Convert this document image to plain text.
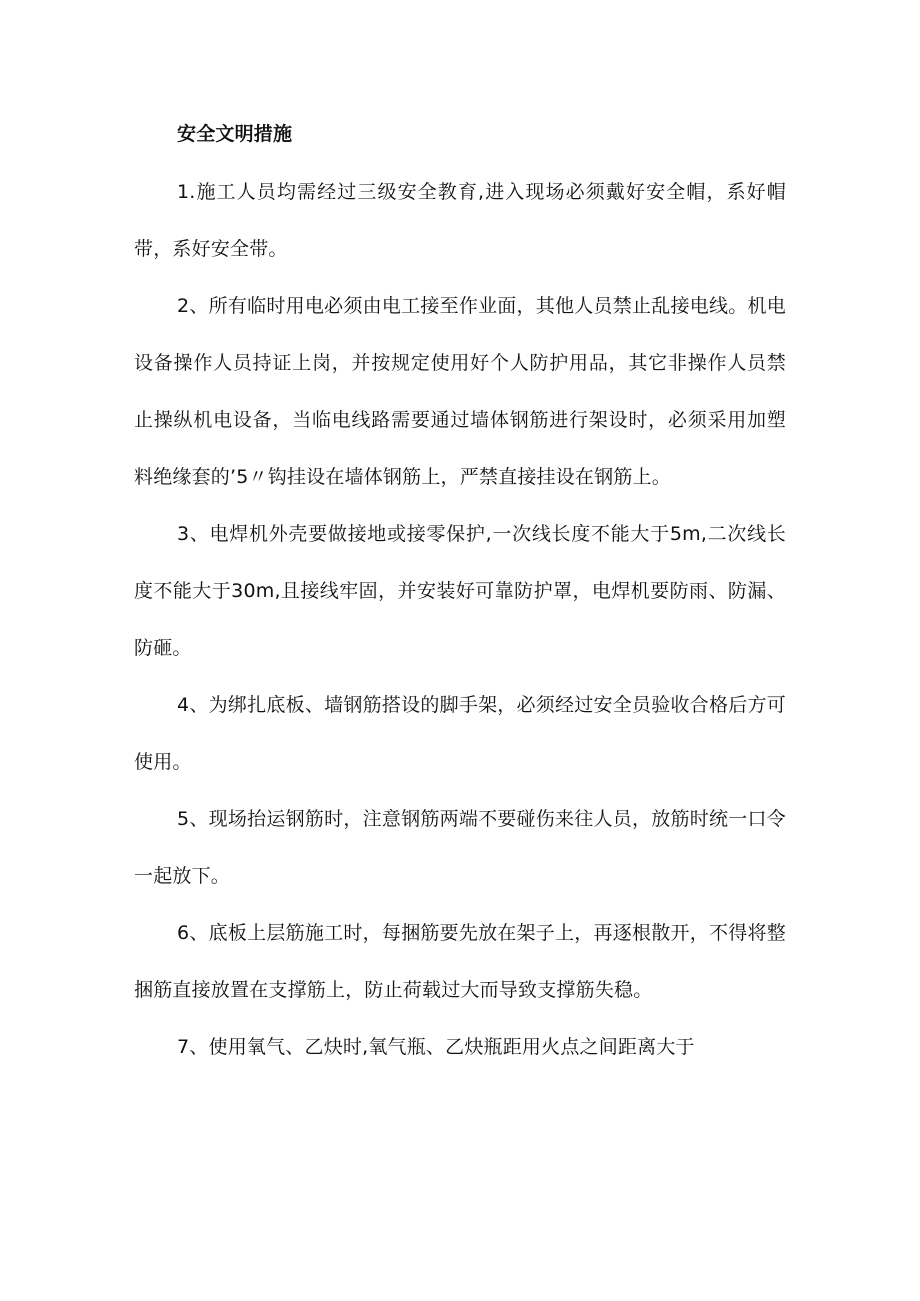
安全文明措施

1.施工人员均需经过三级安全教育,进入现场必须戴好安全帽，系好帽带，系好安全带。

2、所有临时用电必须由电工接至作业面，其他人员禁止乱接电线。机电设备操作人员持证上岗，并按规定使用好个人防护用品，其它非操作人员禁止操纵机电设备，当临电线路需要通过墙体钢筋进行架设时，必须采用加塑料绝缘套的’5〃钩挂设在墙体钢筋上，严禁直接挂设在钢筋上。

3、电焊机外壳要做接地或接零保护,一次线长度不能大于5m,二次线长度不能大于30m,且接线牢固，并安装好可靠防护罩，电焊机要防雨、防漏、防砸。

4、为绑扎底板、墙钢筋搭设的脚手架，必须经过安全员验收合格后方可使用。

5、现场抬运钢筋时，注意钢筋两端不要碰伤来往人员，放筋时统一口令一起放下。

6、底板上层筋施工时，每捆筋要先放在架子上，再逐根散开，不得将整捆筋直接放置在支撑筋上，防止荷载过大而导致支撑筋失稳。

7、使用氧气、乙炔时,氧气瓶、乙炔瓶距用火点之间距离大于
